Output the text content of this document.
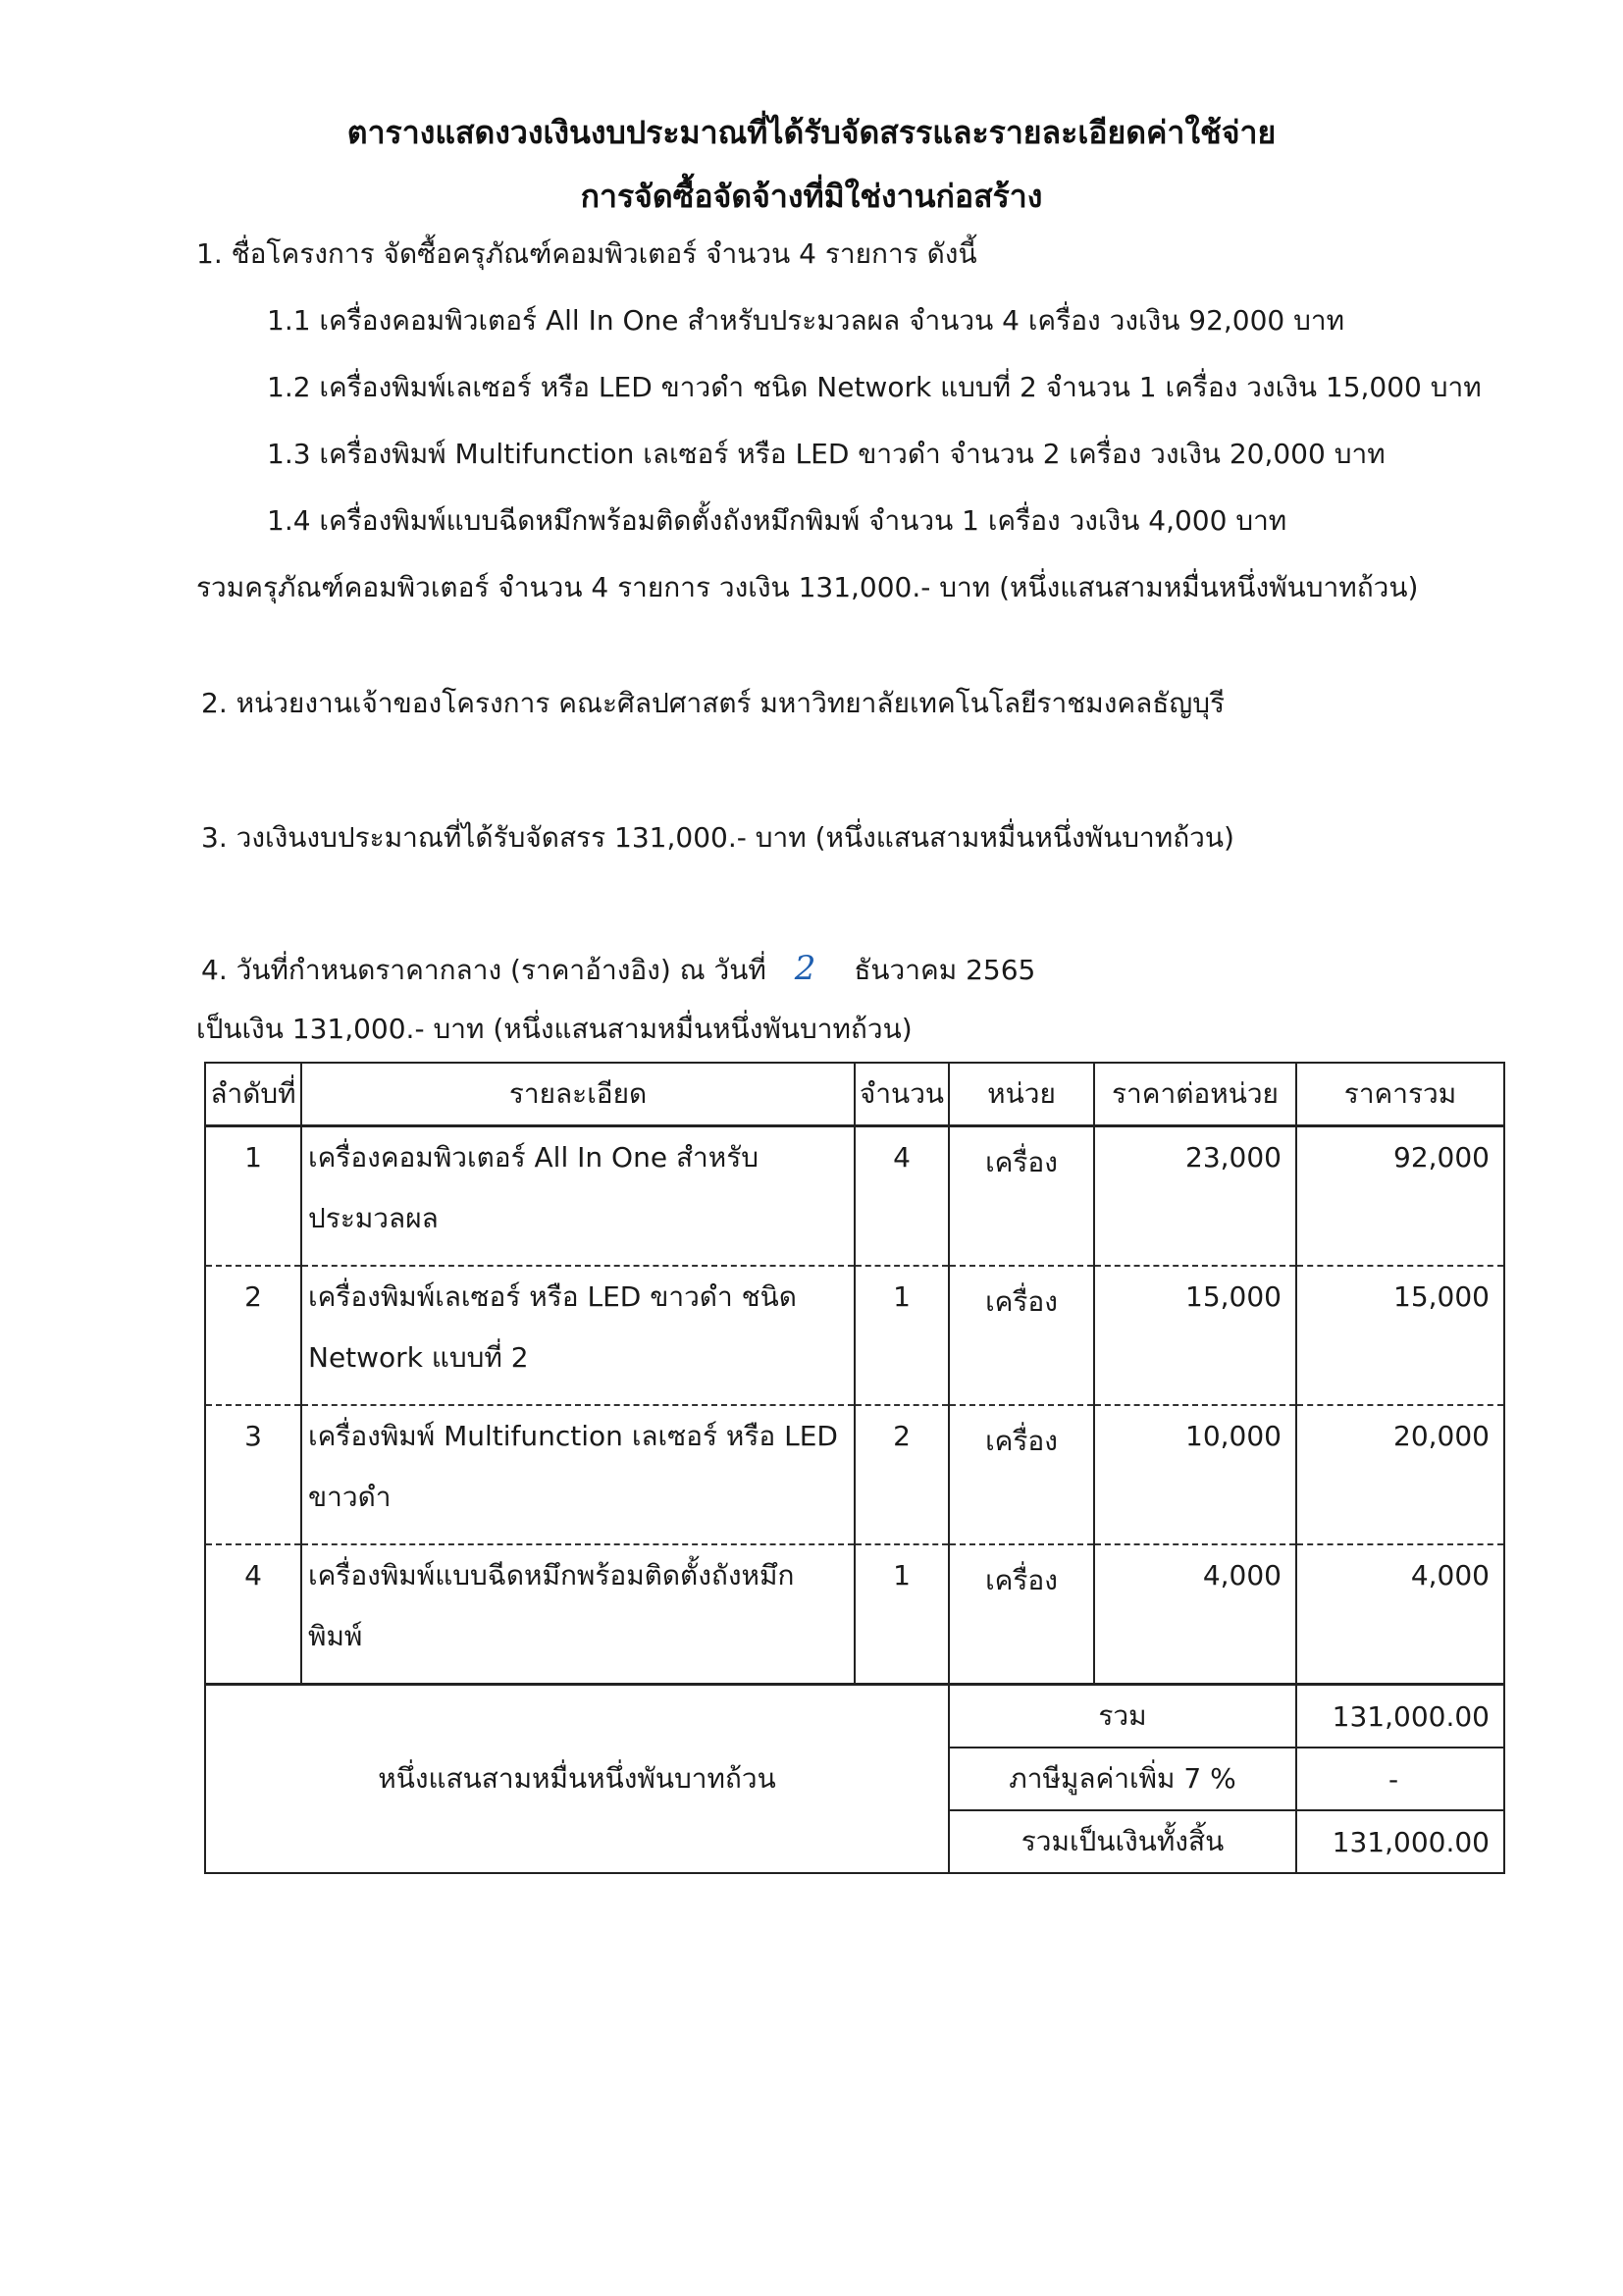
ตารางแสดงวงเงินงบประมาณที่ได้รับจัดสรรและรายละเอียดค่าใช้จ่าย
การจัดซื้อจัดจ้างที่มิใช่งานก่อสร้าง
1. ชื่อโครงการ จัดซื้อครุภัณฑ์คอมพิวเตอร์ จำนวน 4 รายการ ดังนี้
1.1 เครื่องคอมพิวเตอร์ All In One สำหรับประมวลผล จำนวน 4 เครื่อง วงเงิน 92,000 บาท
1.2 เครื่องพิมพ์เลเซอร์ หรือ LED ขาวดำ ชนิด Network แบบที่ 2 จำนวน 1 เครื่อง วงเงิน 15,000 บาท
1.3 เครื่องพิมพ์ Multifunction เลเซอร์ หรือ LED ขาวดำ จำนวน 2 เครื่อง วงเงิน 20,000 บาท
1.4 เครื่องพิมพ์แบบฉีดหมึกพร้อมติดตั้งถังหมึกพิมพ์ จำนวน 1 เครื่อง วงเงิน 4,000 บาท
รวมครุภัณฑ์คอมพิวเตอร์ จำนวน 4 รายการ วงเงิน 131,000.- บาท (หนึ่งแสนสามหมื่นหนึ่งพันบาทถ้วน)
2. หน่วยงานเจ้าของโครงการ คณะศิลปศาสตร์ มหาวิทยาลัยเทคโนโลยีราชมงคลธัญบุรี
3. วงเงินงบประมาณที่ได้รับจัดสรร 131,000.- บาท (หนึ่งแสนสามหมื่นหนึ่งพันบาทถ้วน)
4. วันที่กำหนดราคากลาง (ราคาอ้างอิง) ณ วันที่ 2 ธันวาคม 2565
เป็นเงิน 131,000.- บาท (หนึ่งแสนสามหมื่นหนึ่งพันบาทถ้วน)
ลำดับที่	รายละเอียด	จำนวน	หน่วย	ราคาต่อหน่วย	ราคารวม
1	เครื่องคอมพิวเตอร์ All In One สำหรับ
ประมวลผล	4	เครื่อง	23,000	92,000
2	เครื่องพิมพ์เลเซอร์ หรือ LED ขาวดำ ชนิด
Network แบบที่ 2	1	เครื่อง	15,000	15,000
3	เครื่องพิมพ์ Multifunction เลเซอร์ หรือ LED
ขาวดำ	2	เครื่อง	10,000	20,000
4	เครื่องพิมพ์แบบฉีดหมึกพร้อมติดตั้งถังหมึก
พิมพ์	1	เครื่อง	4,000	4,000
หนึ่งแสนสามหมื่นหนึ่งพันบาทถ้วน			รวม		131,000.00
			ภาษีมูลค่าเพิ่ม 7 %		-
			รวมเป็นเงินทั้งสิ้น		131,000.00
